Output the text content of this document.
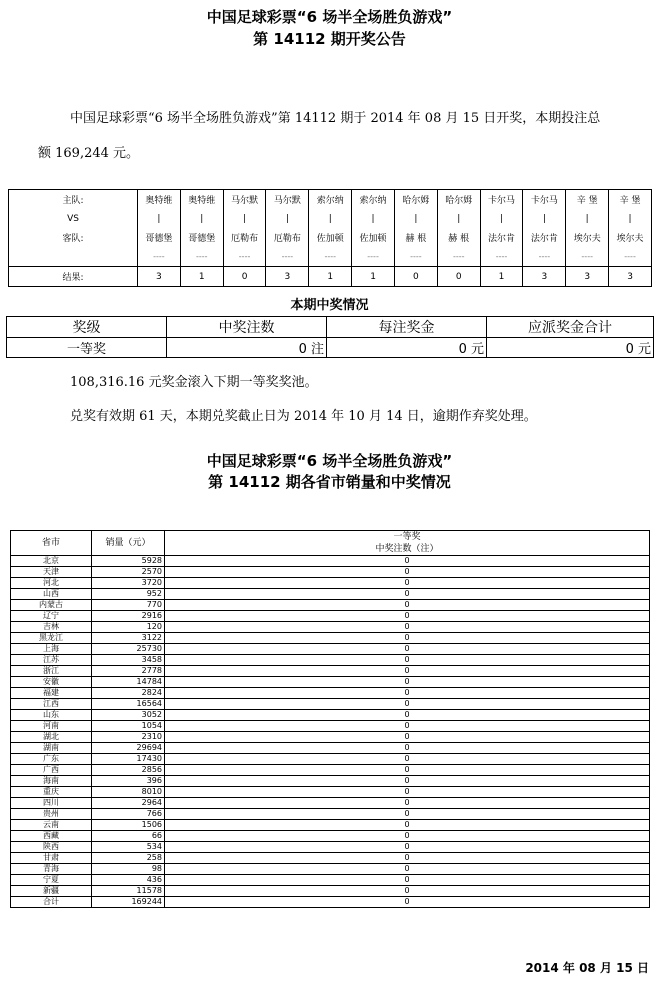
中国足球彩票“6 场半全场胜负游戏”
第 14112 期开奖公告
中国足球彩票“6 场半全场胜负游戏”第 14112 期于 2014 年 08 月 15 日开奖，本期投注总
额 169,244 元。
主队:	奥特维	奥特维	马尔默	马尔默	索尔纳	索尔纳	哈尔姆	哈尔姆	卡尔马	卡尔马	辛 堡	辛 堡
VS	|	|	|	|	|	|	|	|	|	|	|	|
客队:	哥德堡	哥德堡	厄勒布	厄勒布	佐加顿	佐加顿	赫 根	赫 根	法尔肯	法尔肯	埃尔夫	埃尔夫
	----	----	----	----	----	----	----	----	----	----	----	----
结果:	3	1	0	3	1	1	0	0	1	3	3	3
本期中奖情况
奖级	中奖注数	每注奖金	应派奖金合计
一等奖	0 注	0 元	0 元
108,316.16 元奖金滚入下期一等奖奖池。
兑奖有效期 61 天，本期兑奖截止日为 2014 年 10 月 14 日，逾期作弃奖处理。
中国足球彩票“6 场半全场胜负游戏”
第 14112 期各省市销量和中奖情况
省市	销量（元）	一等奖
中奖注数（注）

北京	5928	0
天津	2570	0
河北	3720	0
山西	952	0
内蒙古	770	0
辽宁	2916	0
吉林	120	0
黑龙江	3122	0
上海	25730	0
江苏	3458	0
浙江	2778	0
安徽	14784	0
福建	2824	0
江西	16564	0
山东	3052	0
河南	1054	0
湖北	2310	0
湖南	29694	0
广东	17430	0
广西	2856	0
海南	396	0
重庆	8010	0
四川	2964	0
贵州	766	0
云南	1506	0
西藏	66	0
陕西	534	0
甘肃	258	0
青海	98	0
宁夏	436	0
新疆	11578	0
合计	169244	0
2014 年 08 月 15 日
